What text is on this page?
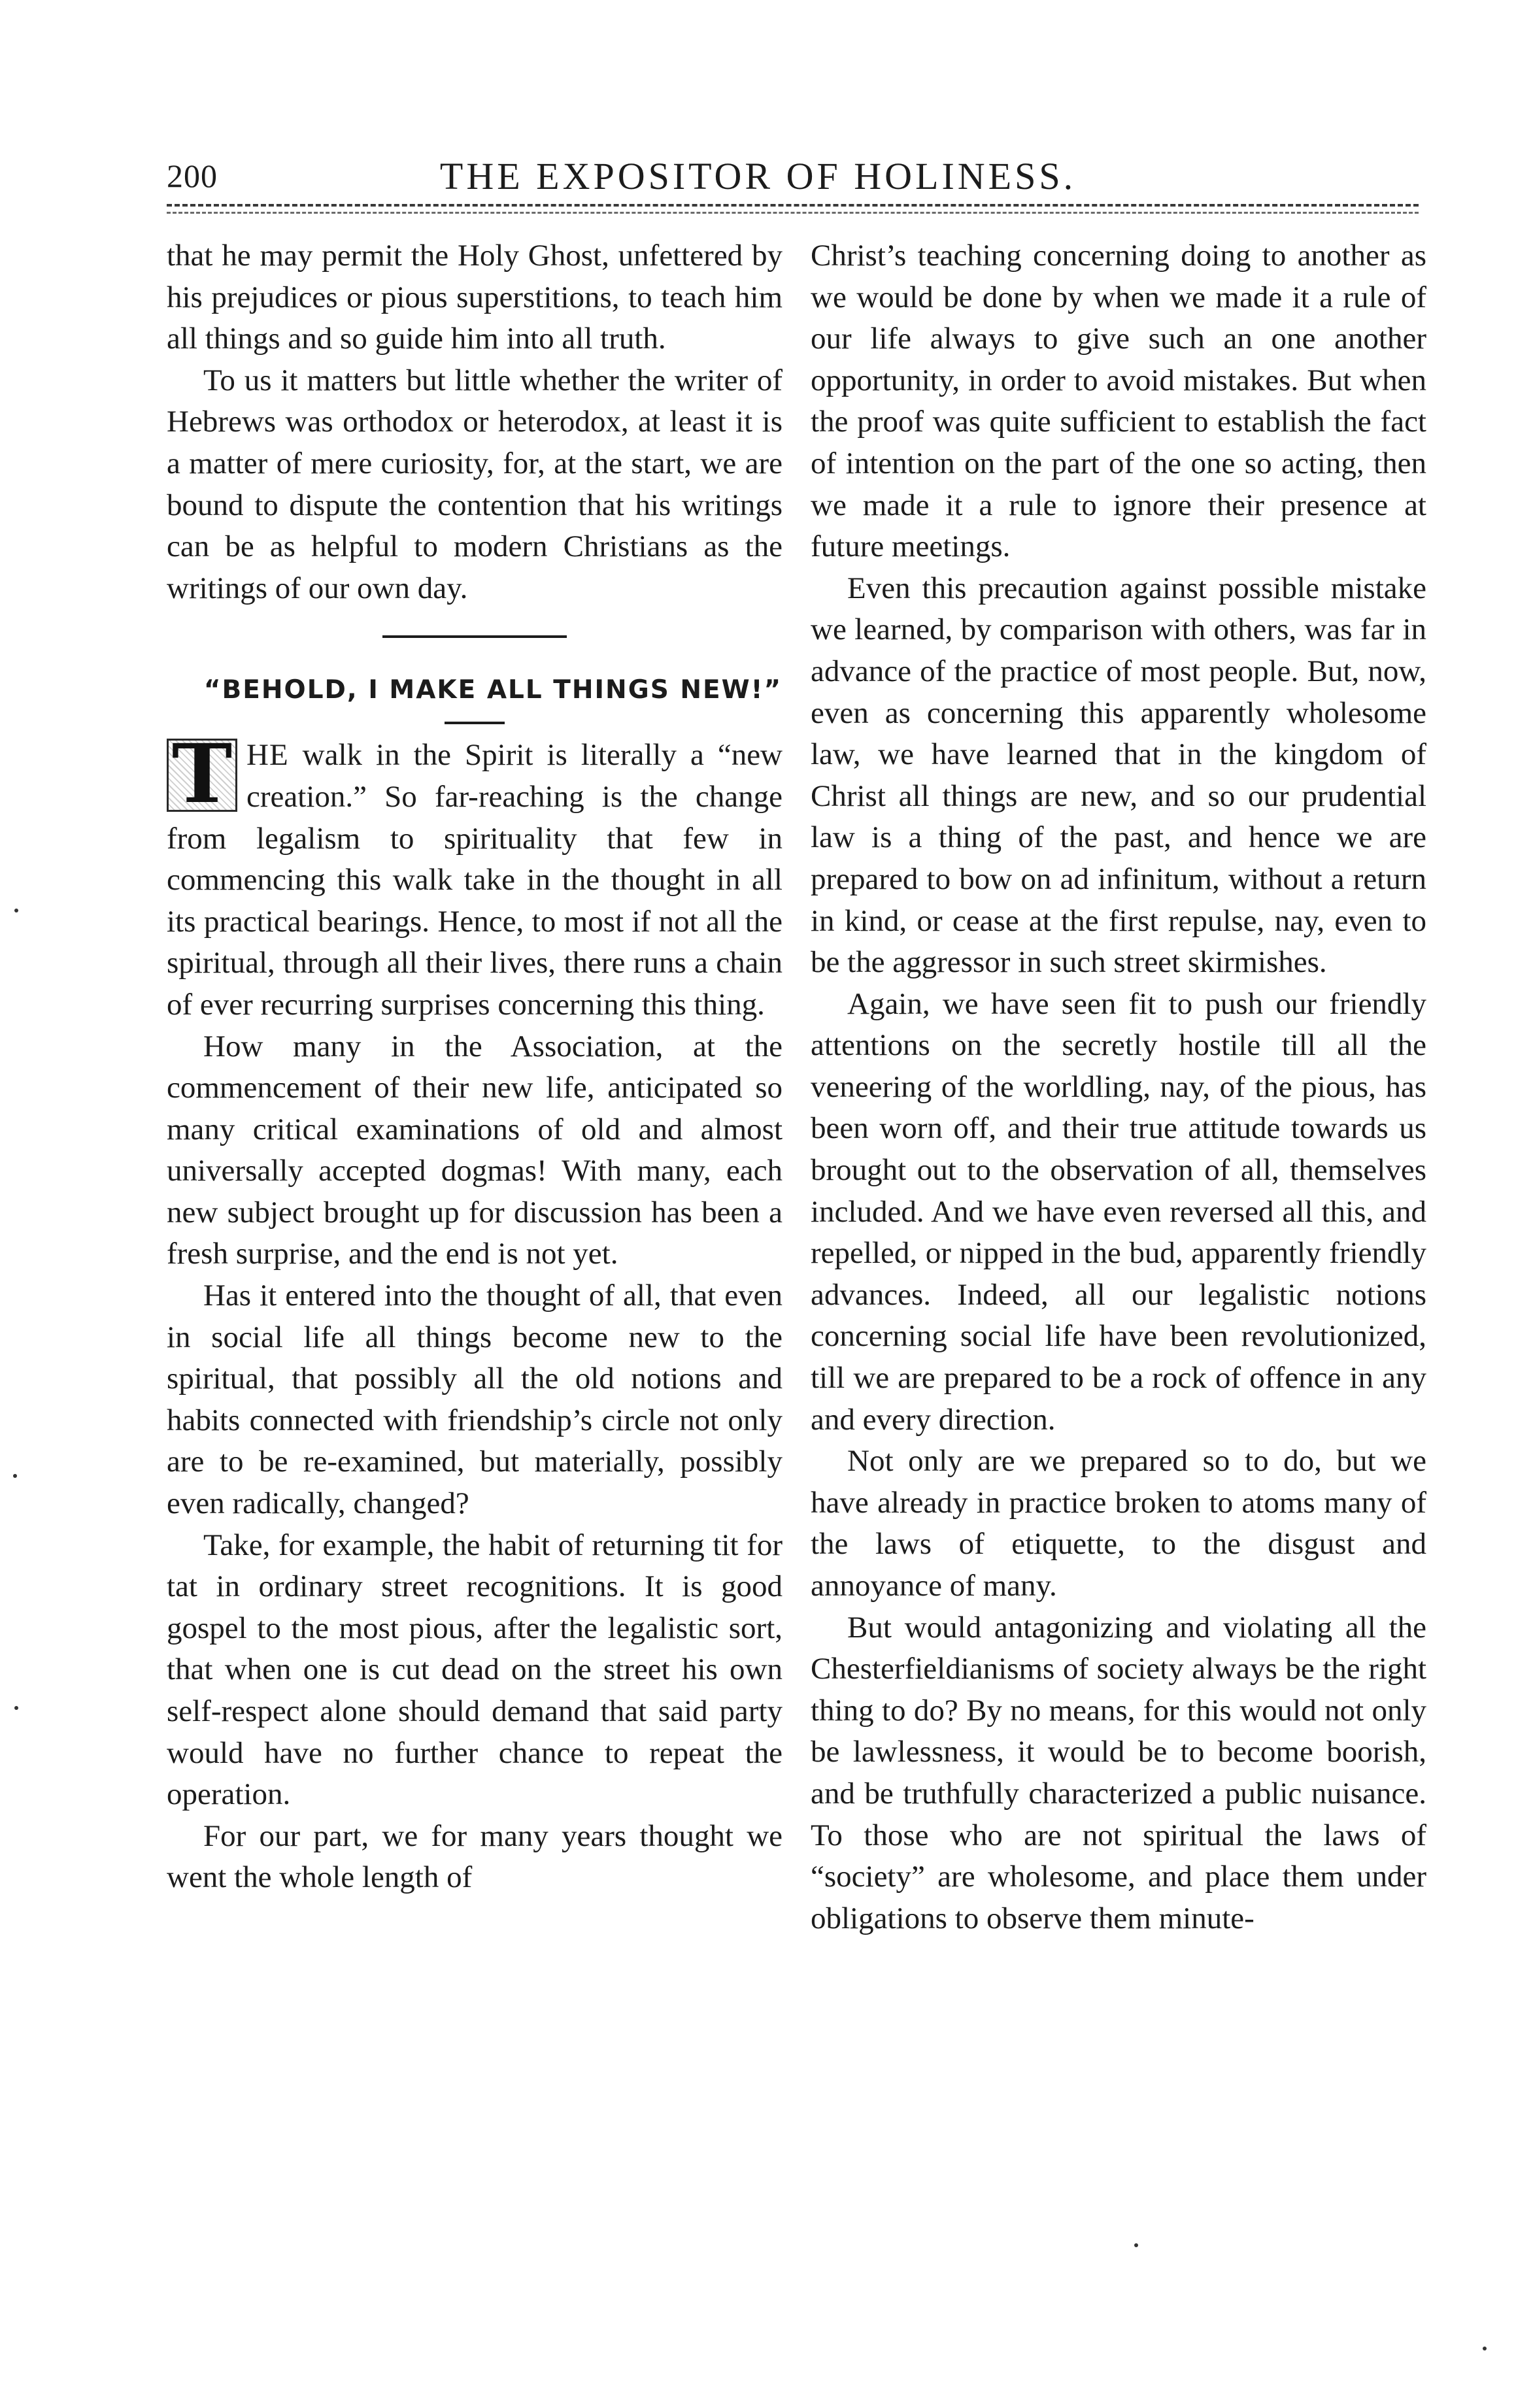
200	THE EXPOSITOR OF HOLINESS.

that he may permit the Holy Ghost, unfettered by his prejudices or pious superstitions, to teach him all things and so guide him into all truth.

To us it matters but little whether the writer of Hebrews was orthodox or heterodox, at least it is a matter of mere curiosity, for, at the start, we are bound to dispute the contention that his writings can be as helpful to modern Christians as the writings of our own day.

“BEHOLD, I MAKE ALL THINGS NEW!”

T HE walk in the Spirit is literally a “new creation.” So far-reaching is the change from legalism to spirituality that few in commencing this walk take in the thought in all its practical bearings. Hence, to most if not all the spiritual, through all their lives, there runs a chain of ever recurring surprises concerning this thing.

How many in the Association, at the commencement of their new life, anticipated so many critical examinations of old and almost universally accepted dogmas! With many, each new subject brought up for discussion has been a fresh surprise, and the end is not yet.

Has it entered into the thought of all, that even in social life all things become new to the spiritual, that possibly all the old notions and habits connected with friendship’s circle not only are to be re-examined, but materially, possibly even radically, changed?

Take, for example, the habit of returning tit for tat in ordinary street recognitions. It is good gospel to the most pious, after the legalistic sort, that when one is cut dead on the street his own self-respect alone should demand that said party would have no further chance to repeat the operation.

For our part, we for many years thought we went the whole length of

Christ’s teaching concerning doing to another as we would be done by when we made it a rule of our life always to give such an one another opportunity, in order to avoid mistakes. But when the proof was quite sufficient to establish the fact of intention on the part of the one so acting, then we made it a rule to ignore their presence at future meetings.

Even this precaution against possible mistake we learned, by comparison with others, was far in advance of the practice of most people. But, now, even as concerning this apparently wholesome law, we have learned that in the kingdom of Christ all things are new, and so our prudential law is a thing of the past, and hence we are prepared to bow on ad infinitum, without a return in kind, or cease at the first repulse, nay, even to be the aggressor in such street skirmishes.

Again, we have seen fit to push our friendly attentions on the secretly hostile till all the veneering of the worldling, nay, of the pious, has been worn off, and their true attitude towards us brought out to the observation of all, themselves included. And we have even reversed all this, and repelled, or nipped in the bud, apparently friendly advances. Indeed, all our legalistic notions concerning social life have been revolutionized, till we are prepared to be a rock of offence in any and every direction.

Not only are we prepared so to do, but we have already in practice broken to atoms many of the laws of etiquette, to the disgust and annoyance of many.

But would antagonizing and violating all the Chesterfieldianisms of society always be the right thing to do? By no means, for this would not only be lawlessness, it would be to become boorish, and be truthfully characterized a public nuisance. To those who are not spiritual the laws of “society” are wholesome, and place them under obligations to observe them minute-
